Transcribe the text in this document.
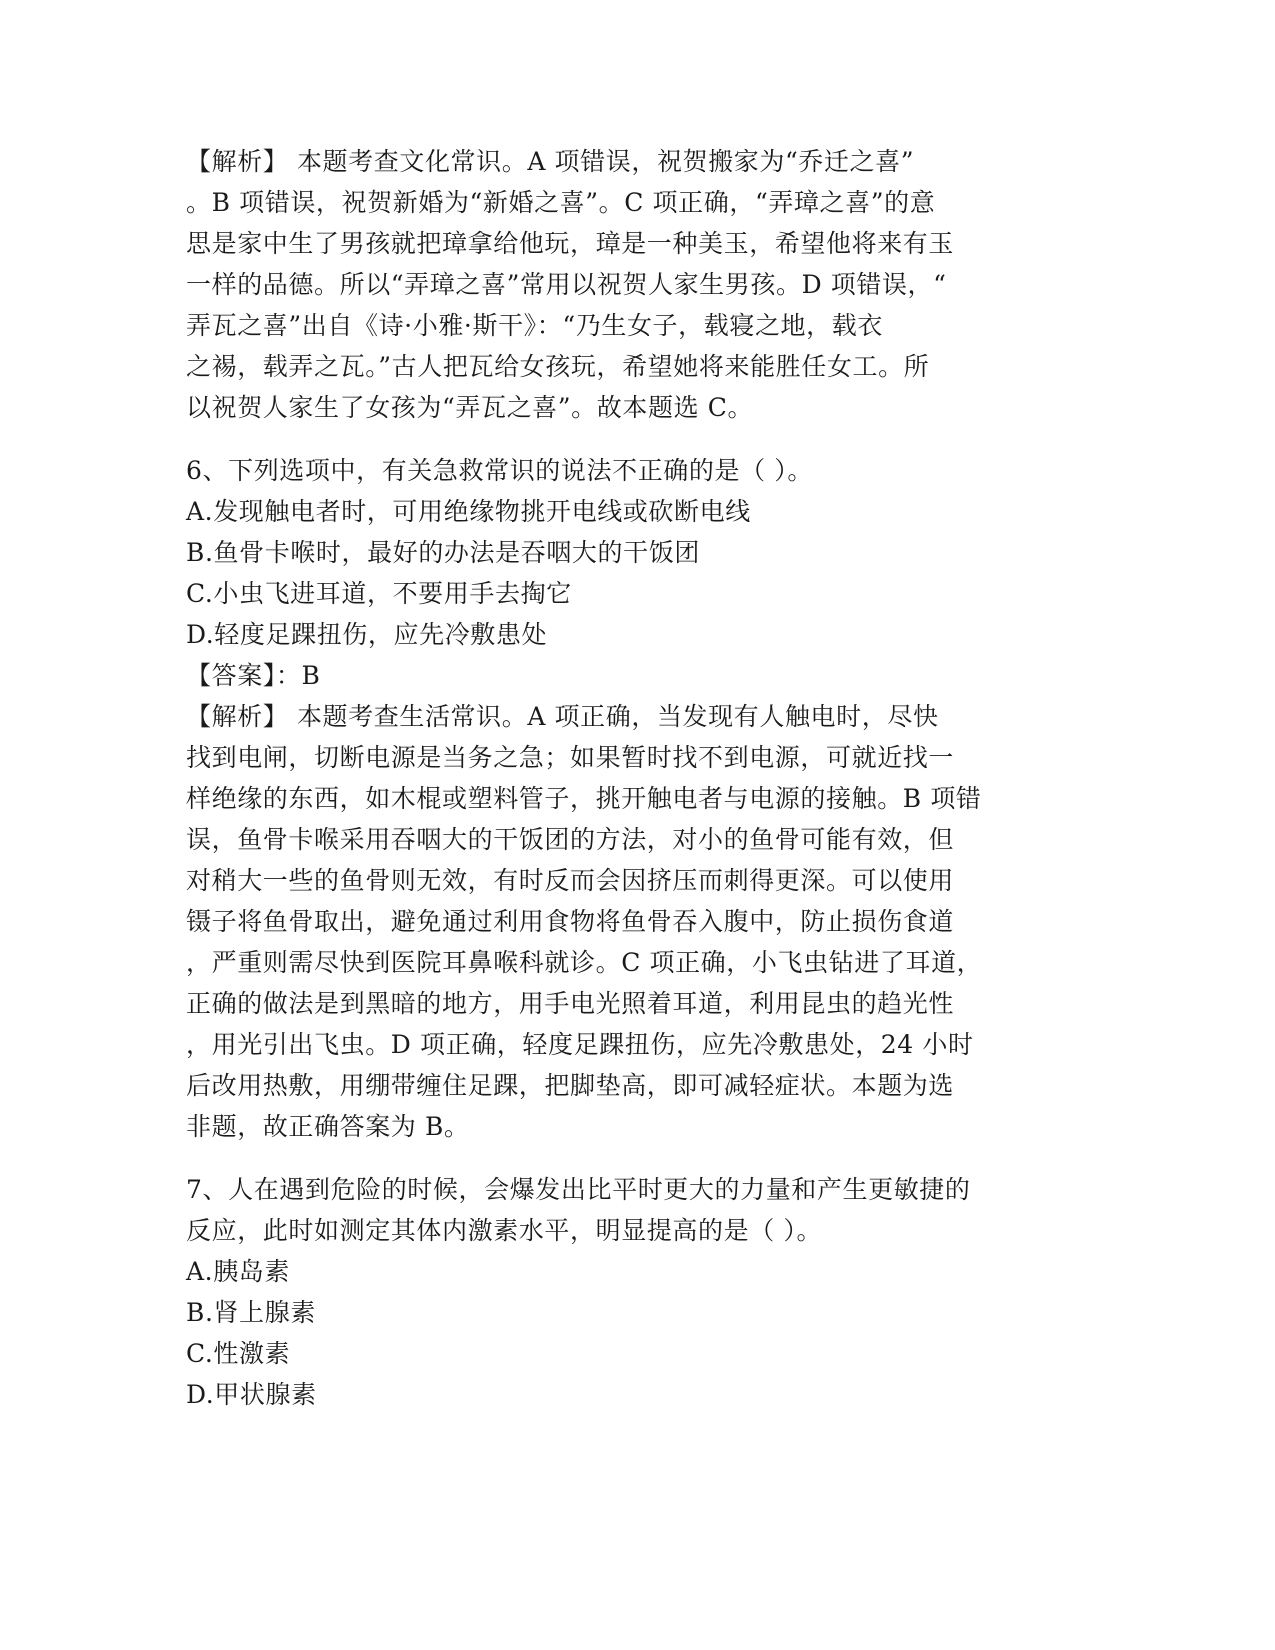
【解析】 本题考查文化常识。A 项错误，祝贺搬家为“乔迁之喜”
。B 项错误，祝贺新婚为“新婚之喜”。C 项正确，“弄璋之喜”的意
思是家中生了男孩就把璋拿给他玩，璋是一种美玉，希望他将来有玉
一样的品德。所以“弄璋之喜”常用以祝贺人家生男孩。D 项错误，“
弄瓦之喜”出自《诗·小雅·斯干》：“乃生女子，载寝之地，载衣
之裼，载弄之瓦。”古人把瓦给女孩玩，希望她将来能胜任女工。所
以祝贺人家生了女孩为“弄瓦之喜”。故本题选 C。
6、下列选项中，有关急救常识的说法不正确的是（ ）。
A.发现触电者时，可用绝缘物挑开电线或砍断电线
B.鱼骨卡喉时，最好的办法是吞咽大的干饭团
C.小虫飞进耳道，不要用手去掏它
D.轻度足踝扭伤，应先冷敷患处
【答案】：B
【解析】 本题考查生活常识。A 项正确，当发现有人触电时，尽快
找到电闸，切断电源是当务之急；如果暂时找不到电源，可就近找一
样绝缘的东西，如木棍或塑料管子，挑开触电者与电源的接触。B 项错
误，鱼骨卡喉采用吞咽大的干饭团的方法，对小的鱼骨可能有效，但
对稍大一些的鱼骨则无效，有时反而会因挤压而刺得更深。可以使用
镊子将鱼骨取出，避免通过利用食物将鱼骨吞入腹中，防止损伤食道
，严重则需尽快到医院耳鼻喉科就诊。C 项正确，小飞虫钻进了耳道，
正确的做法是到黑暗的地方，用手电光照着耳道，利用昆虫的趋光性
，用光引出飞虫。D 项正确，轻度足踝扭伤，应先冷敷患处，24 小时
后改用热敷，用绷带缠住足踝，把脚垫高，即可减轻症状。本题为选
非题，故正确答案为 B。
7、人在遇到危险的时候，会爆发出比平时更大的力量和产生更敏捷的
反应，此时如测定其体内激素水平，明显提高的是（ ）。
A.胰岛素
B.肾上腺素
C.性激素
D.甲状腺素
